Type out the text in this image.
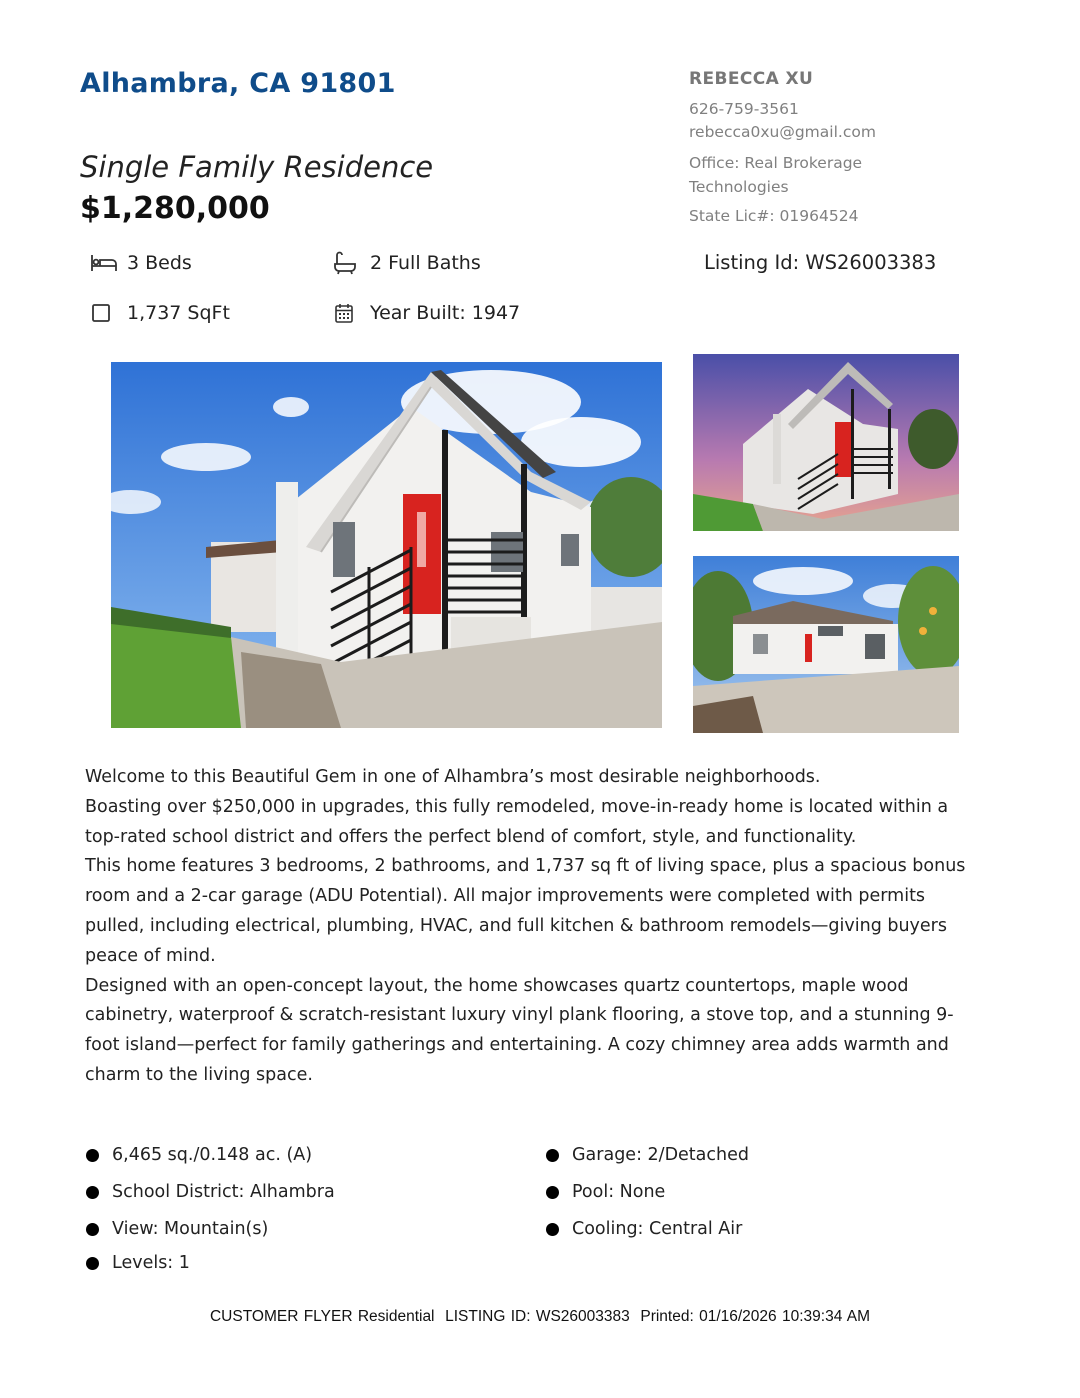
Alhambra, CA 91801
Single Family Residence
$1,280,000
REBECCA XU
626-759-3561
rebecca0xu@gmail.com
Office: Real Brokerage Technologies
State Lic#: 01964524
3 Beds	2 Full Baths
1,737 SqFt	Year Built: 1947
Listing Id: WS26003383

Welcome to this Beautiful Gem in one of Alhambra’s most desirable neighborhoods.

Boasting over $250,000 in upgrades, this fully remodeled, move-in-ready home is located within a top-rated school district and offers the perfect blend of comfort, style, and functionality.

This home features 3 bedrooms, 2 bathrooms, and 1,737 sq ft of living space, plus a spacious bonus room and a 2-car garage (ADU Potential). All major improvements were completed with permits pulled, including electrical, plumbing, HVAC, and full kitchen & bathroom remodels—giving buyers peace of mind.

Designed with an open-concept layout, the home showcases quartz countertops, maple wood cabinetry, waterproof & scratch-resistant luxury vinyl plank flooring, a stove top, and a stunning 9-foot island—perfect for family gatherings and entertaining. A cozy chimney area adds warmth and charm to the living space.

6,465 sq./0.148 ac. (A)
School District: Alhambra
View: Mountain(s)
Levels: 1
Garage: 2/Detached
Pool: None
Cooling: Central Air
CUSTOMER FLYER Residential  LISTING ID: WS26003383  Printed: 01/16/2026 10:39:34 AM
